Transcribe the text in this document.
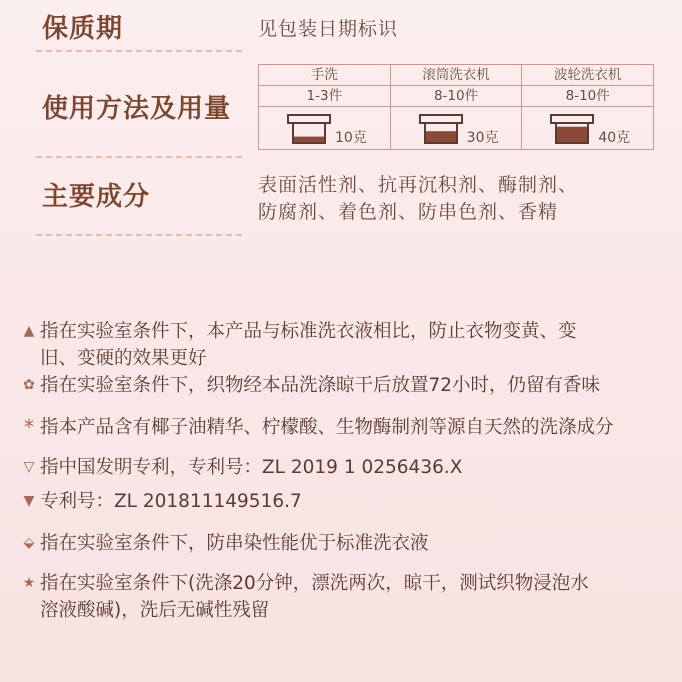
保质期	见包装日期标识
使用方法及用量
手洗
1-3件
10克
滚筒洗衣机
8-10件
30克
波轮洗衣机
8-10件
40克
主要成分	表面活性剂、抗再沉积剂、酶制剂、
防腐剂、着色剂、防串色剂、香精
▲ 指在实验室条件下，本产品与标准洗衣液相比，防止衣物变黄、变
旧、变硬的效果更好
✿ 指在实验室条件下，织物经本品洗涤晾干后放置72小时，仍留有香味
* 指本产品含有椰子油精华、柠檬酸、生物酶制剂等源自天然的洗涤成分
▽ 指中国发明专利，专利号：ZL 2019 1 0256436.X
▼ 专利号：ZL 201811149516.7
⬙ 指在实验室条件下，防串染性能优于标准洗衣液
★ 指在实验室条件下(洗涤20分钟，漂洗两次，晾干，测试织物浸泡水
溶液酸碱)，洗后无碱性残留
